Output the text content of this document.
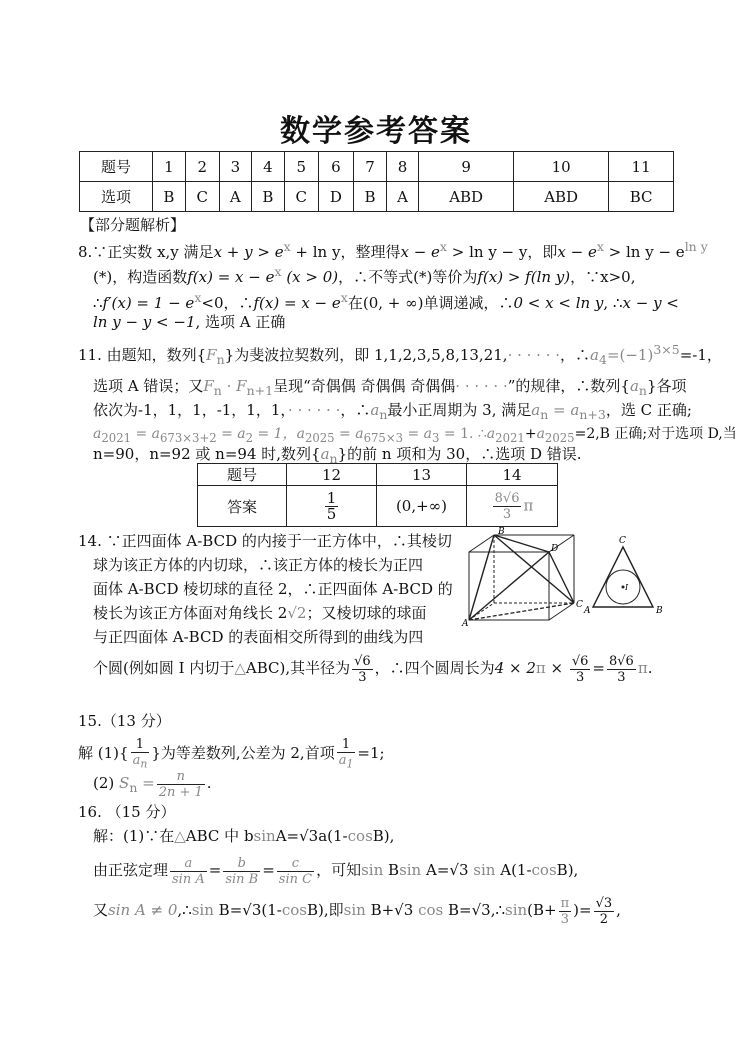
数学参考答案
题号	1	2	3	4	5	6	7	8	9	10	11
选项	B	C	A	B	C	D	B	A	ABD	ABD	BC
【部分题解析】
8.∵正实数 x,y 满足$x + y > e^x + \ln y$，整理得$x - e^x > \ln y - y$，即$x - e^x > \ln y - e^{ln y}$
(*)，构造函数$f(x) = x - e^x$ (x > 0)，∴不等式(*)等价为f(x) > f(ln y)，∵x>0,
∴f′(x) = $1 - e^x<0$，∴f(x) = $x - e^x$在(0, + ∞)单调递减，∴0 < x < ln y, ∴x − y <
ln y − y < −1, 选项 A 正确
11. 由题知，数列$\{F_n\}$为斐波拉契数列，即 1,1,2,3,5,8,13,21,· · · · · ·，$\therefore a_4=(-1)^{3\times 5}=-1$，
选项 A 错误；又$F_n \cdot F_{n+1}$呈现“奇偶偶 奇偶偶 奇偶偶· · · · · ·”的规律，∴数列$\{a_n\}$各项
依次为-1，1，1，-1，1，1，· · · · · ·，$\therefore a_n$最小正周期为 3, 满足$a_n = a_{n+3}$，选 C 正确;
$a_{2021} = a_{673\times 3+2} = a_2 = 1$，$a_{2025} = a_{675\times 3} = a_3 = 1$. $\therefore a_{2021}+a_{2025}=2,B$ 正确;对于选项 D,当
n=90，n=92 或 n=94 时,数列$\{a_n\}$的前 n 项和为 30，∴选项 D 错误.
题号	12	13	14
答案	$\frac{1}{5}$	(0,+∞)	$\frac{8√6}{3}$ π
14. ∵正四面体 A-BCD 的内接于一正方体中，∴其棱切
球为该正方体的内切球，∴该正方体的棱长为正四
面体 A-BCD 棱切球的直径 2，∴正四面体 A-BCD 的
棱长为该正方体面对角线长 2√2；又棱切球的球面
与正四面体 A-BCD 的表面相交所得到的曲线为四
个圆(例如圆 I 内切于△ABC),其半径为 $\frac{√6}{3}$ ，∴四个圆周长为$4 \times 2\pi \times \frac{√6}{3} = \frac{8√6}{3} \pi$.
B
D
A
C
C
A	B
I
15.（13 分）
解 $(1)\{ \frac{1}{a_n}$ }为等差数列,公差为 2,首项 $\frac{1}{a_1} =1$;
(2) $S_n = \frac{n}{2n + 1}$ .
16. （15 分）
解：(1)∵在△ABC 中 bsinA=√3a(1-cosB),
由正弦定理 $\frac{a}{\text{sin A}} = \frac{b}{\text{sin B}} = \frac{c}{\text{sin C}}$ ，可知sin Bsin A=√3 sin A(1-cosB),
又sin A ≠ 0,∴sin B=√3(1-cosB),即sin B+√3 cos B=√3,∴sin(B+ $\frac{\pi}{3}$ )= $\frac{√3}{2}$ ,
